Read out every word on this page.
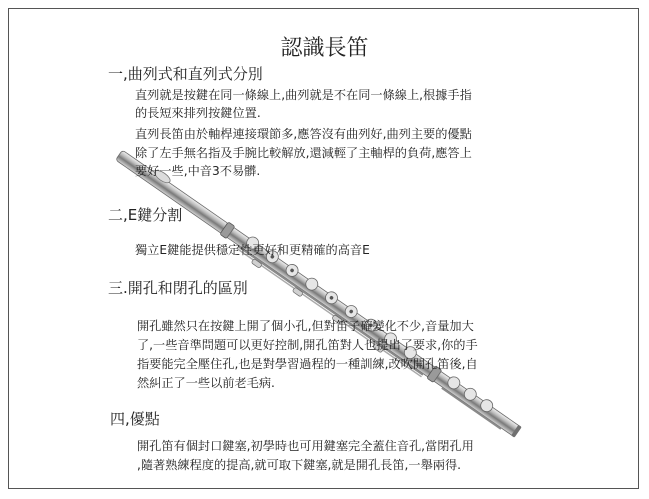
認識長笛
一,曲列式和直列式分別
直列就是按鍵在同一條線上,曲列就是不在同一條線上,根據手指
的長短來排列按鍵位置.
直列長笛由於軸桿連接環節多,應答沒有曲列好,曲列主要的優點
除了左手無名指及手腕比較解放,還減輕了主軸桿的負荷,應答上
要好一些,中音3不易髒.
二,E鍵分割
獨立E鍵能提供穩定性更好和更精確的高音E
三.開孔和閉孔的區別
開孔雖然只在按鍵上開了個小孔,但對笛子確變化不少,音量加大
了,一些音準問題可以更好控制,開孔笛對人也提出了要求,你的手
指要能完全壓住孔,也是對學習過程的一種訓練,改吹開孔笛後,自
然糾正了一些以前老毛病.
四,優點
開孔笛有個封口鍵塞,初學時也可用鍵塞完全蓋住音孔,當閉孔用
,隨著熟練程度的提高,就可取下鍵塞,就是開孔長笛,一舉兩得.
